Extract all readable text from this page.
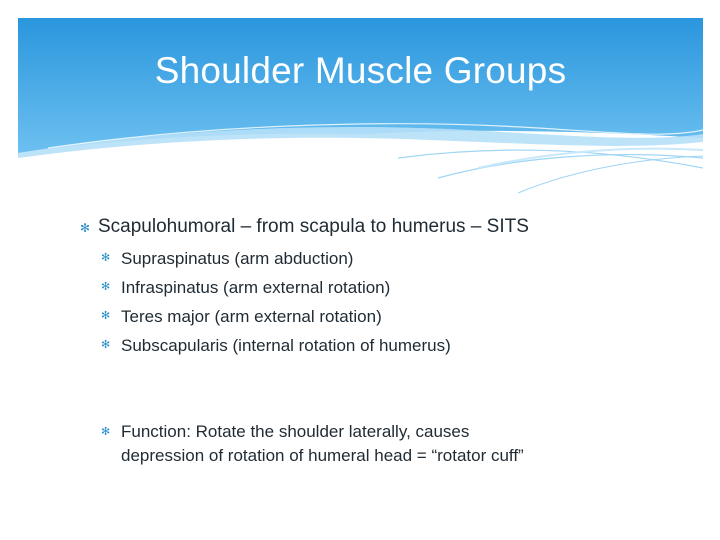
Shoulder Muscle Groups
✻ Scapulohumoral – from scapula to humerus – SITS
✻ Supraspinatus (arm abduction)
✻ Infraspinatus (arm external rotation)
✻ Teres major (arm external rotation)
✻ Subscapularis (internal rotation of humerus)
✻ Function: Rotate the shoulder laterally, causes
depression of rotation of humeral head = “rotator cuff”
